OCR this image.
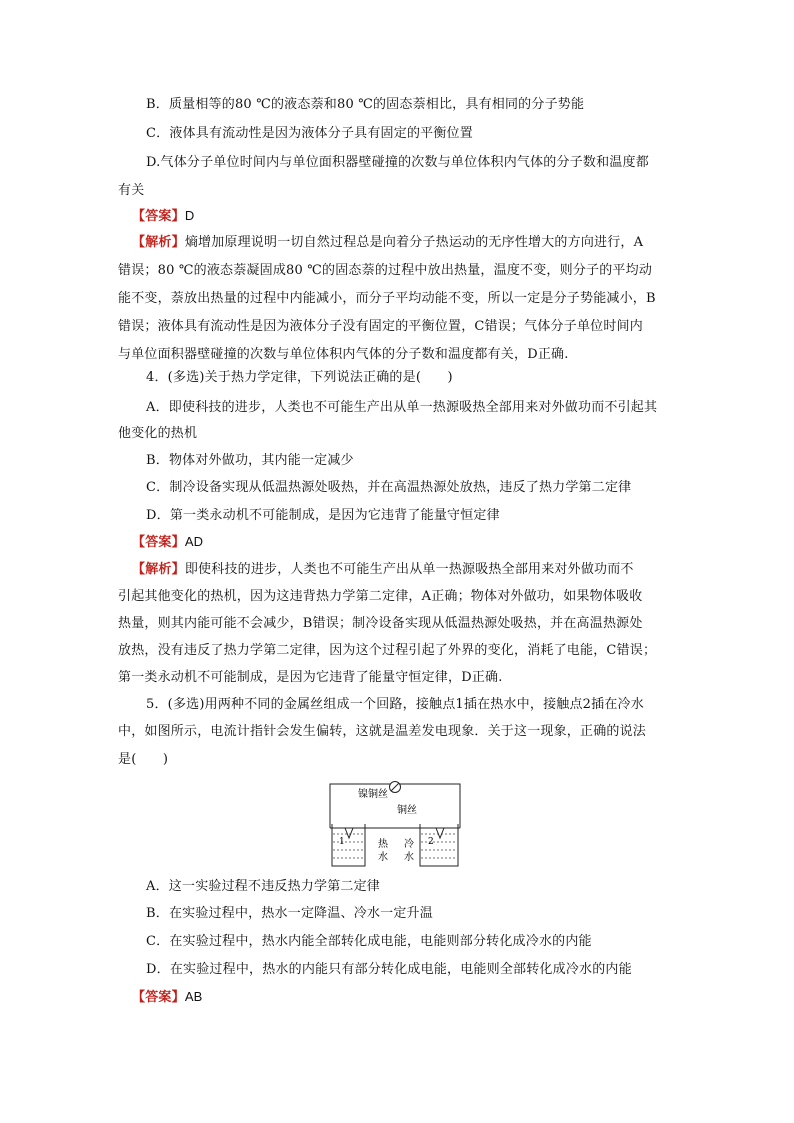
B．质量相等的80 ℃的液态萘和80 ℃的固态萘相比，具有相同的分子势能
C．液体具有流动性是因为液体分子具有固定的平衡位置
D.气体分子单位时间内与单位面积器壁碰撞的次数与单位体积内气体的分子数和温度都
有关
【答案】D
【解析】熵增加原理说明一切自然过程总是向着分子热运动的无序性增大的方向进行，A
错误；80 ℃的液态萘凝固成80 ℃的固态萘的过程中放出热量，温度不变，则分子的平均动
能不变，萘放出热量的过程中内能减小，而分子平均动能不变，所以一定是分子势能减小，B
错误；液体具有流动性是因为液体分子没有固定的平衡位置，C错误；气体分子单位时间内
与单位面积器壁碰撞的次数与单位体积内气体的分子数和温度都有关，D正确.
4．(多选)关于热力学定律，下列说法正确的是(　　)
A．即使科技的进步，人类也不可能生产出从单一热源吸热全部用来对外做功而不引起其
他变化的热机
B．物体对外做功，其内能一定减少
C．制冷设备实现从低温热源处吸热，并在高温热源处放热，违反了热力学第二定律
D．第一类永动机不可能制成，是因为它违背了能量守恒定律
【答案】AD
【解析】即使科技的进步，人类也不可能生产出从单一热源吸热全部用来对外做功而不
引起其他变化的热机，因为这违背热力学第二定律，A正确；物体对外做功，如果物体吸收
热量，则其内能可能不会减少，B错误；制冷设备实现从低温热源处吸热，并在高温热源处
放热，没有违反了热力学第二定律，因为这个过程引起了外界的变化，消耗了电能，C错误；
第一类永动机不可能制成，是因为它违背了能量守恒定律，D正确.
5．(多选)用两种不同的金属丝组成一个回路，接触点1插在热水中，接触点2插在冷水
中，如图所示，电流计指针会发生偏转，这就是温差发电现象．关于这一现象，正确的说法
是(　　)
镍铜丝
铜丝
1	热
水
2
冷
水
A．这一实验过程不违反热力学第二定律
B．在实验过程中，热水一定降温、冷水一定升温
C．在实验过程中，热水内能全部转化成电能，电能则部分转化成冷水的内能
D．在实验过程中，热水的内能只有部分转化成电能，电能则全部转化成冷水的内能
【答案】AB
